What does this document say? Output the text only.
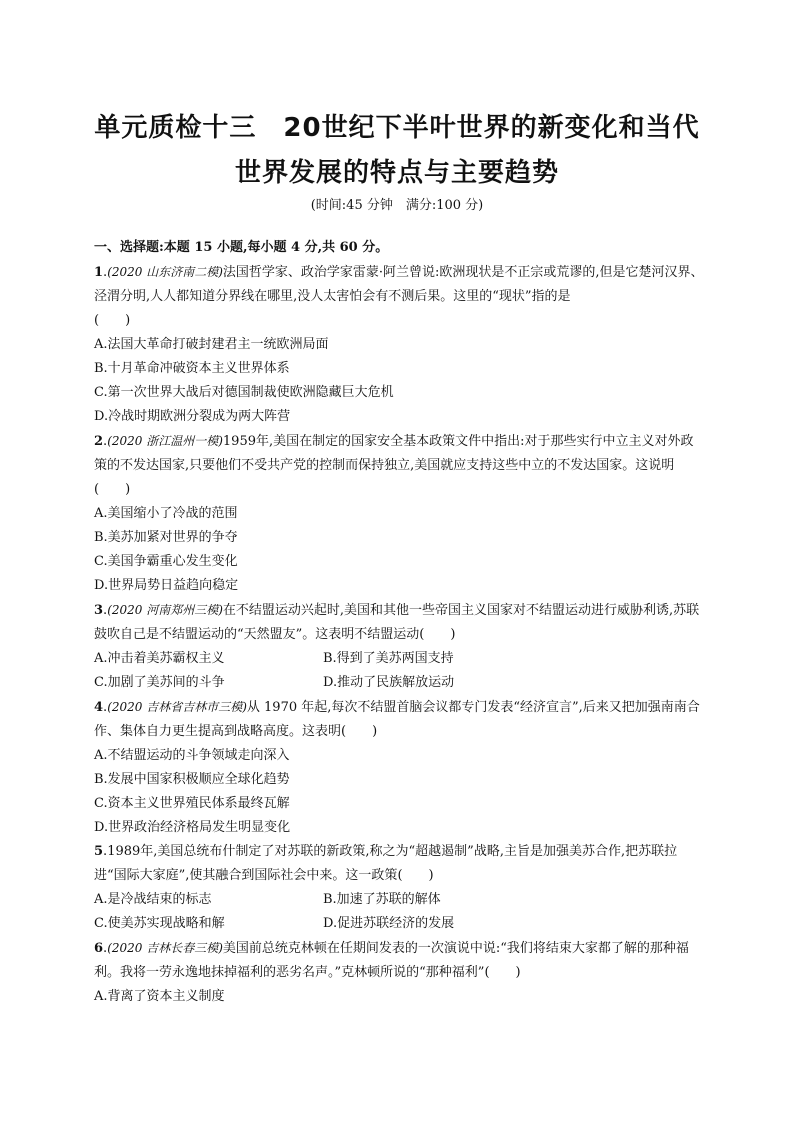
单元质检十三　20世纪下半叶世界的新变化和当代
世界发展的特点与主要趋势
(时间:45 分钟　满分:100 分)
一、选择题:本题 15 小题,每小题 4 分,共 60 分。
1.(2020 山东济南二模)法国哲学家、政治学家雷蒙·阿兰曾说:欧洲现状是不正宗或荒谬的,但是它楚河汉界、泾渭分明,人人都知道分界线在哪里,没人太害怕会有不测后果。这里的“现状”指的是
(　　)
A.法国大革命打破封建君主一统欧洲局面
B.十月革命冲破资本主义世界体系
C.第一次世界大战后对德国制裁使欧洲隐藏巨大危机
D.冷战时期欧洲分裂成为两大阵营
2.(2020 浙江温州一模)1959年,美国在制定的国家安全基本政策文件中指出:对于那些实行中立主义对外政策的不发达国家,只要他们不受共产党的控制而保持独立,美国就应支持这些中立的不发达国家。这说明(　　)
A.美国缩小了冷战的范围
B.美苏加紧对世界的争夺
C.美国争霸重心发生变化
D.世界局势日益趋向稳定
3.(2020 河南郑州三模)在不结盟运动兴起时,美国和其他一些帝国主义国家对不结盟运动进行威胁利诱,苏联鼓吹自己是不结盟运动的“天然盟友”。这表明不结盟运动(　　)
A.冲击着美苏霸权主义	B.得到了美苏两国支持
C.加剧了美苏间的斗争	D.推动了民族解放运动
4.(2020 吉林省吉林市三模)从 1970 年起,每次不结盟首脑会议都专门发表“经济宣言”,后来又把加强南南合作、集体自力更生提高到战略高度。这表明(　　)
A.不结盟运动的斗争领域走向深入
B.发展中国家积极顺应全球化趋势
C.资本主义世界殖民体系最终瓦解
D.世界政治经济格局发生明显变化
5.1989年,美国总统布什制定了对苏联的新政策,称之为“超越遏制”战略,主旨是加强美苏合作,把苏联拉进“国际大家庭”,使其融合到国际社会中来。这一政策(　　)
A.是冷战结束的标志	B.加速了苏联的解体
C.使美苏实现战略和解	D.促进苏联经济的发展
6.(2020 吉林长春三模)美国前总统克林顿在任期间发表的一次演说中说:“我们将结束大家都了解的那种福利。我将一劳永逸地抹掉福利的恶劣名声。”克林顿所说的“那种福利”(　　)
A.背离了资本主义制度
